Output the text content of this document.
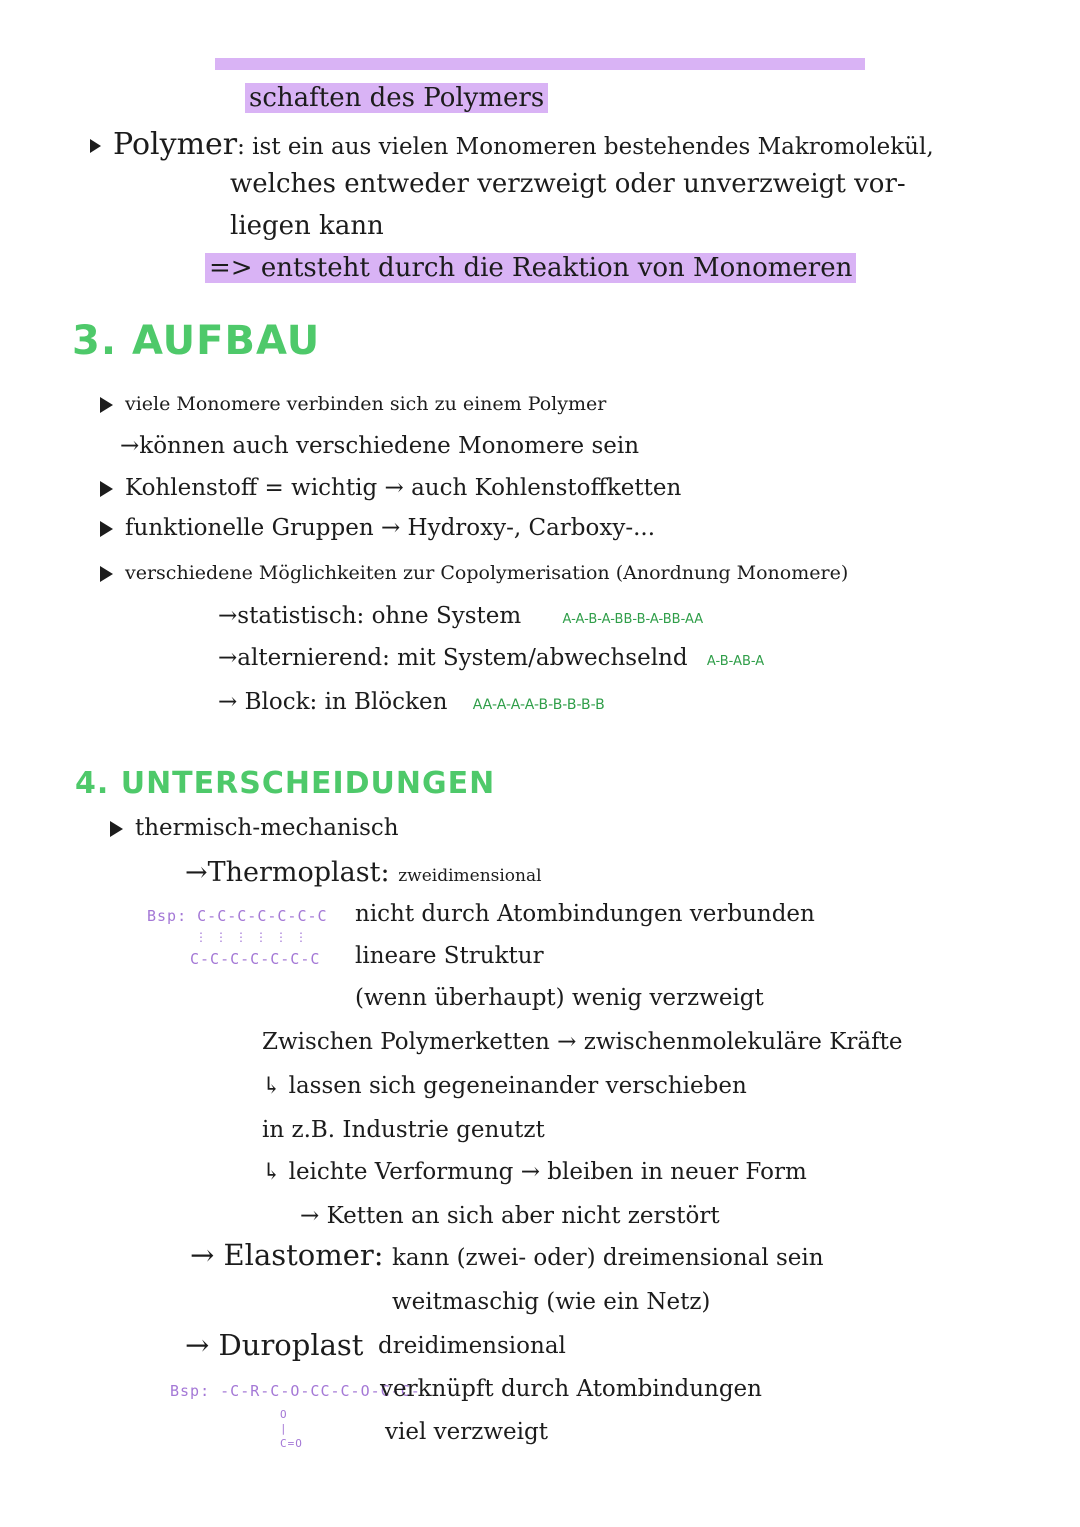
schaften des Polymers
Polymer: ist ein aus vielen Monomeren bestehendes Makromolekül,
welches entweder verzweigt oder unverzweigt vor-
liegen kann
=> entsteht durch die Reaktion von Monomeren
3. AUFBAU
viele Monomere verbinden sich zu einem Polymer
→können auch verschiedene Monomere sein
Kohlenstoff = wichtig → auch Kohlenstoffketten
funktionelle Gruppen → Hydroxy-, Carboxy-...
verschiedene Möglichkeiten zur Copolymerisation (Anordnung Monomere)
→statistisch: ohne System	A-A-B-A-BB-B-A-BB-AA
→alternierend: mit System/abwechselnd A-B-AB-A
→ Block: in Blöcken AA-A-A-A-B-B-B-B-B
4. UNTERSCHEIDUNGEN
thermisch-mechanisch
→Thermoplast: zweidimensional
Bsp: C-C-C-C-C-C-C
⋮⋮⋮⋮⋮⋮
C-C-C-C-C-C-C
nicht durch Atombindungen verbunden
lineare Struktur
(wenn überhaupt) wenig verzweigt
Zwischen Polymerketten → zwischenmolekuläre Kräfte
↳ lassen sich gegeneinander verschieben
in z.B. Industrie genutzt
↳ leichte Verformung → bleiben in neuer Form
→ Ketten an sich aber nicht zerstört
→ Elastomer: kann (zwei- oder) dreimensional sein
weitmaschig (wie ein Netz)
→ Duroplast dreidimensional
Bsp: -C-R-C-O-CC-C-O-C-C-
O
|
C=O
verknüpft durch Atombindungen
viel verzweigt
